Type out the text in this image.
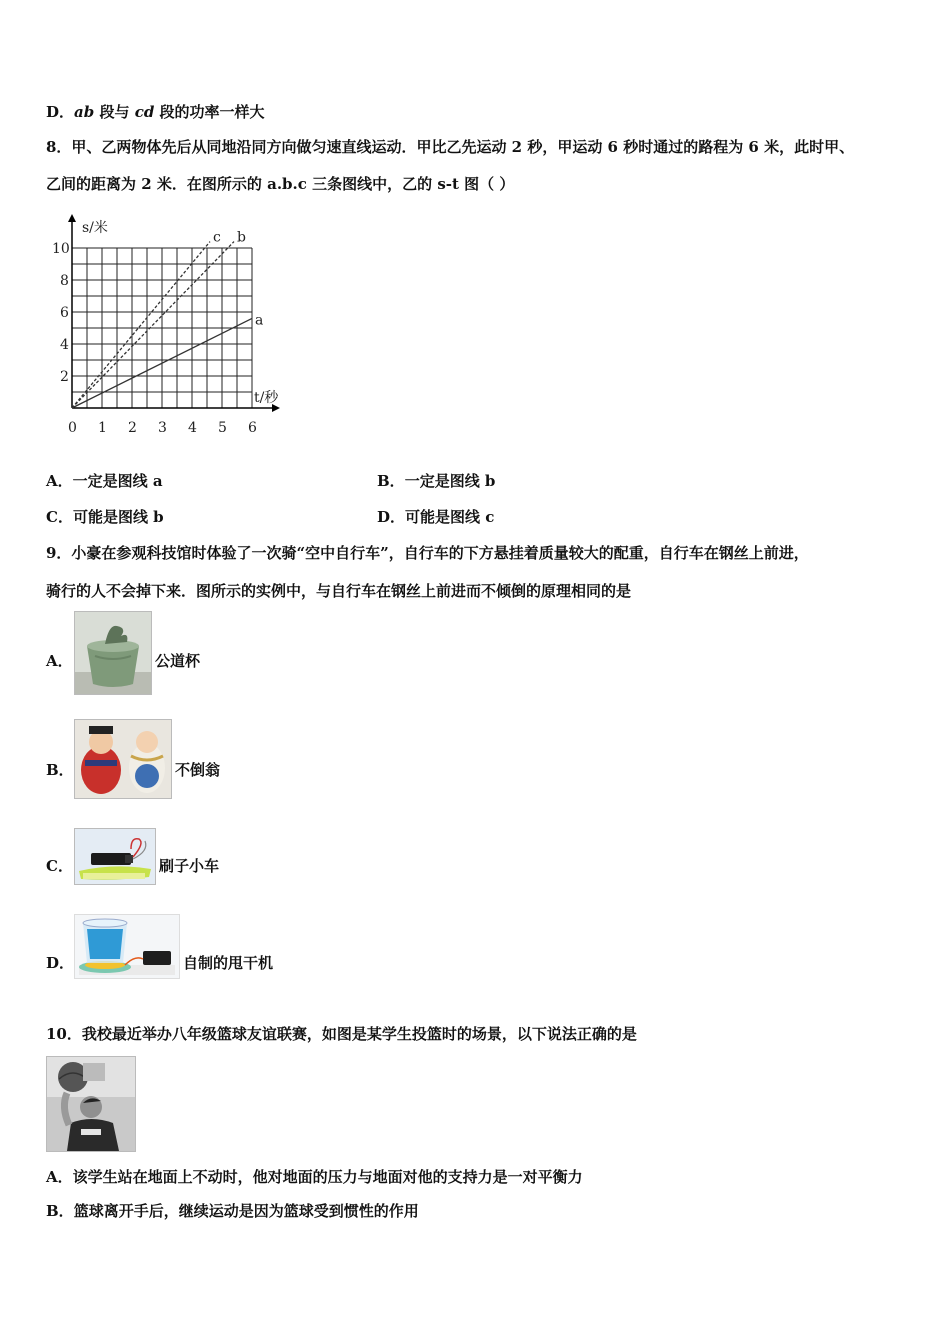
D．ab 段与 cd 段的功率一样大
8．甲、乙两物体先后从同地沿同方向做匀速直线运动．甲比乙先运动 2 秒，甲运动 6 秒时通过的路程为 6 米，此时甲、
乙间的距离为 2 米．在图所示的 a.b.c 三条图线中，乙的 s-t 图（ ）
c b
a
0 1 2 3 4 5 6
2
4
6
8
10
s/米
t/秒
A．一定是图线 a	B．一定是图线 b
C．可能是图线 b	D．可能是图线 c
9．小豪在参观科技馆时体验了一次骑“空中自行车”，自行车的下方悬挂着质量较大的配重，自行车在钢丝上前进，
骑行的人不会掉下来．图所示的实例中，与自行车在钢丝上前进而不倾倒的原理相同的是
A．	公道杯
B．	不倒翁
C．	刷子小车
D．	自制的甩干机
10．我校最近举办八年级篮球友谊联赛，如图是某学生投篮时的场景，以下说法正确的是
A．该学生站在地面上不动时，他对地面的压力与地面对他的支持力是一对平衡力
B．篮球离开手后，继续运动是因为篮球受到惯性的作用
